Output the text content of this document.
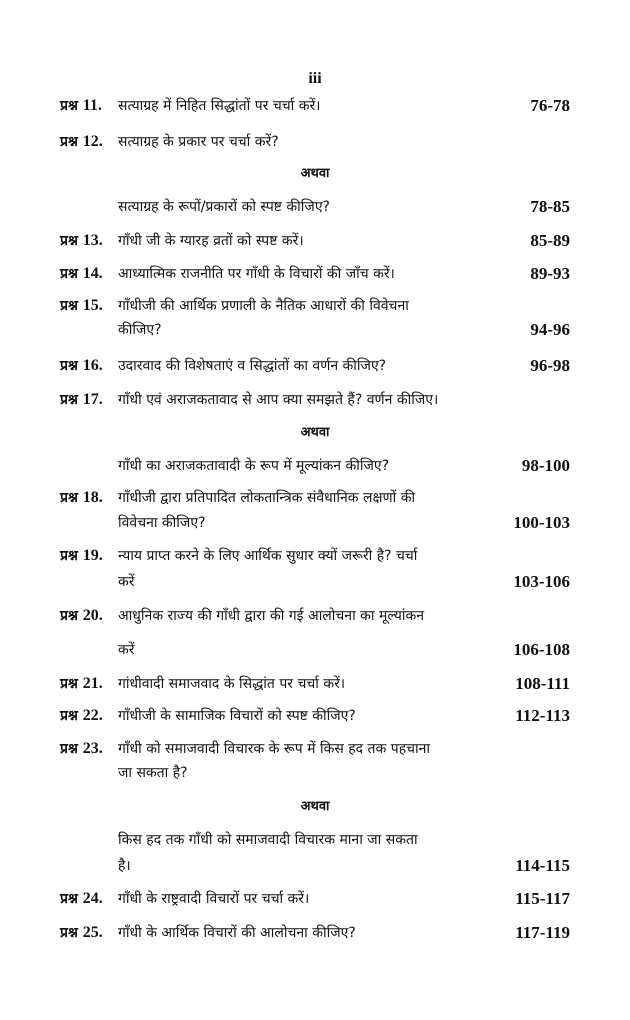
iii
प्रश्न 11. सत्याग्रह में निहित सिद्धांतों पर चर्चा करें।	76-78
प्रश्न 12. सत्याग्रह के प्रकार पर चर्चा करें?
अथवा
सत्याग्रह के रूपों/प्रकारों को स्पष्ट कीजिए?	78-85
प्रश्न 13. गाँधी जी के ग्यारह व्रतों को स्पष्ट करें।	85-89
प्रश्न 14. आध्यात्मिक राजनीति पर गाँधी के विचारों की जाँच करें।	89-93
प्रश्न 15. गाँधीजी की आर्थिक प्रणाली के नैतिक आधारों की विवेचना
कीजिए?	94-96
प्रश्न 16. उदारवाद की विशेषताएं व सिद्धांतों का वर्णन कीजिए?	96-98
प्रश्न 17. गाँधी एवं अराजकतावाद से आप क्या समझते हैं? वर्णन कीजिए।
अथवा
गाँधी का अराजकतावादी के रूप में मूल्यांकन कीजिए?	98-100
प्रश्न 18. गाँधीजी द्वारा प्रतिपादित लोकतान्त्रिक संवैधानिक लक्षणों की
विवेचना कीजिए?	100-103
प्रश्न 19. न्याय प्राप्त करने के लिए आर्थिक सुधार क्यों जरूरी है? चर्चा
करें	103-106
प्रश्न 20. आधुनिक राज्य की गाँधी द्वारा की गई आलोचना का मूल्यांकन
करें	106-108
प्रश्न 21. गांधीवादी समाजवाद के सिद्धांत पर चर्चा करें।	108-111
प्रश्न 22. गाँधीजी के सामाजिक विचारों को स्पष्ट कीजिए?	112-113
प्रश्न 23. गाँधी को समाजवादी विचारक के रूप में किस हद तक पहचाना
जा सकता है?
अथवा
किस हद तक गाँधी को समाजवादी विचारक माना जा सकता
है।	114-115
प्रश्न 24. गाँधी के राष्ट्रवादी विचारों पर चर्चा करें।	115-117
प्रश्न 25. गाँधी के आर्थिक विचारों की आलोचना कीजिए?	117-119
